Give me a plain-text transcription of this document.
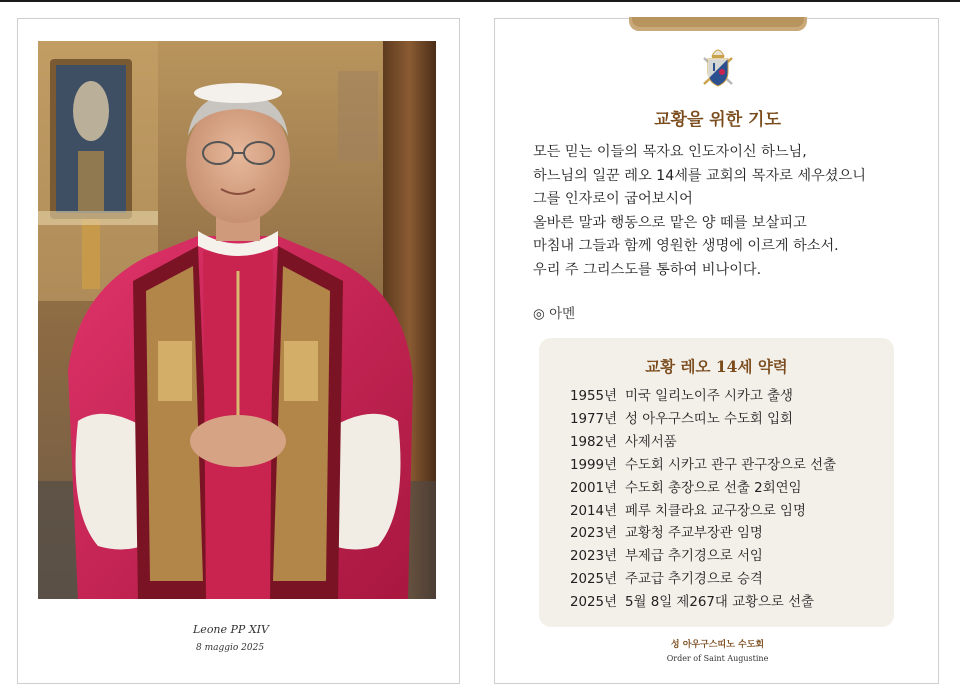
Leone PP XIV
8 maggio 2025
교황을 위한 기도
모든 믿는 이들의 목자요 인도자이신 하느님,
하느님의 일꾼 레오 14세를 교회의 목자로 세우셨으니
그를 인자로이 굽어보시어
올바른 말과 행동으로 맡은 양 떼를 보살피고
마침내 그들과 함께 영원한 생명에 이르게 하소서.
우리 주 그리스도를 통하여 비나이다.
◎ 아멘
교황 레오 14세 약력
1955년 미국 일리노이주 시카고 출생
1977년 성 아우구스띠노 수도회 입회
1982년 사제서품
1999년 수도회 시카고 관구 관구장으로 선출
2001년 수도회 총장으로 선출 2회연임
2014년 페루 치클라요 교구장으로 임명
2023년 교황청 주교부장관 임명
2023년 부제급 추기경으로 서임
2025년 주교급 추기경으로 승격
2025년 5월 8일 제267대 교황으로 선출
성 아우구스띠노 수도회
Order of Saint Augustine
